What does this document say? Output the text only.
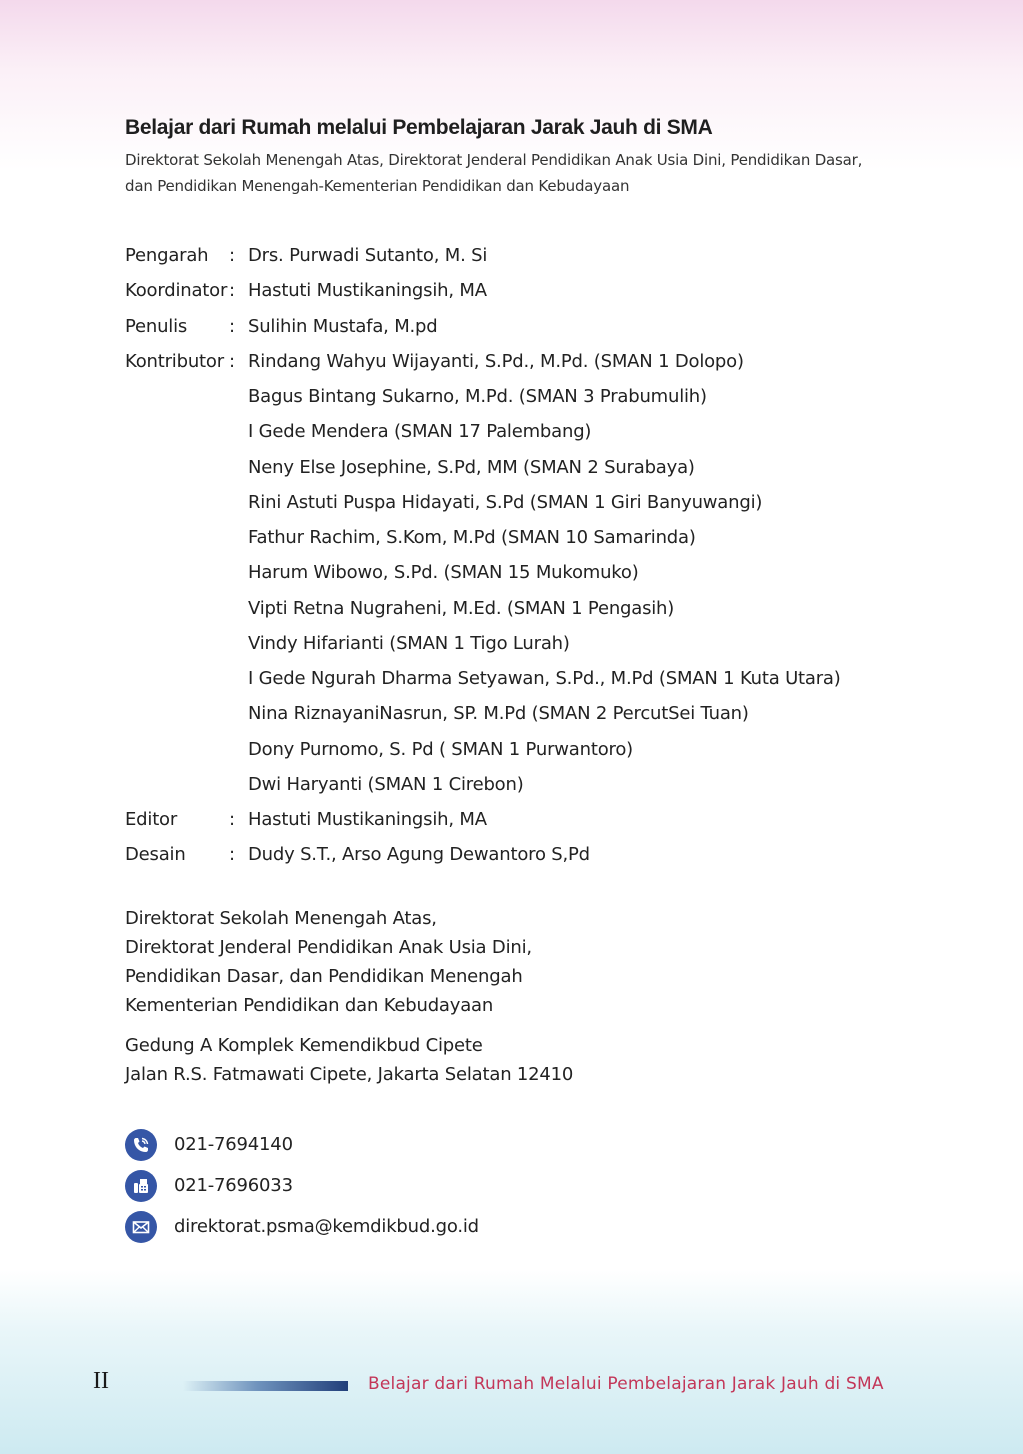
Belajar dari Rumah melalui Pembelajaran Jarak Jauh di SMA
Direktorat Sekolah Menengah Atas, Direktorat Jenderal Pendidikan Anak Usia Dini, Pendidikan Dasar,
dan Pendidikan Menengah-Kementerian Pendidikan dan Kebudayaan
Pengarah	: Drs. Purwadi Sutanto, M. Si
Koordinator : Hastuti Mustikaningsih, MA
Penulis	: Sulihin Mustafa, M.pd
Kontributor : Rindang Wahyu Wijayanti, S.Pd., M.Pd. (SMAN 1 Dolopo)
Bagus Bintang Sukarno, M.Pd. (SMAN 3 Prabumulih)
I Gede Mendera (SMAN 17 Palembang)
Neny Else Josephine, S.Pd, MM (SMAN 2 Surabaya)
Rini Astuti Puspa Hidayati, S.Pd (SMAN 1 Giri Banyuwangi)
Fathur Rachim, S.Kom, M.Pd (SMAN 10 Samarinda)
Harum Wibowo, S.Pd. (SMAN 15 Mukomuko)
Vipti Retna Nugraheni, M.Ed. (SMAN 1 Pengasih)
Vindy Hifarianti (SMAN 1 Tigo Lurah)
I Gede Ngurah Dharma Setyawan, S.Pd., M.Pd (SMAN 1 Kuta Utara)
Nina RiznayaniNasrun, SP. M.Pd (SMAN 2 PercutSei Tuan)
Dony Purnomo, S. Pd ( SMAN 1 Purwantoro)
Dwi Haryanti (SMAN 1 Cirebon)
Editor	: Hastuti Mustikaningsih, MA
Desain	: Dudy S.T., Arso Agung Dewantoro S,Pd
Direktorat Sekolah Menengah Atas,
Direktorat Jenderal Pendidikan Anak Usia Dini,
Pendidikan Dasar, dan Pendidikan Menengah
Kementerian Pendidikan dan Kebudayaan
Gedung A Komplek Kemendikbud Cipete
Jalan R.S. Fatmawati Cipete, Jakarta Selatan 12410
021-7694140
021-7696033
direktorat.psma@kemdikbud.go.id
II	Belajar dari Rumah Melalui Pembelajaran Jarak Jauh di SMA
